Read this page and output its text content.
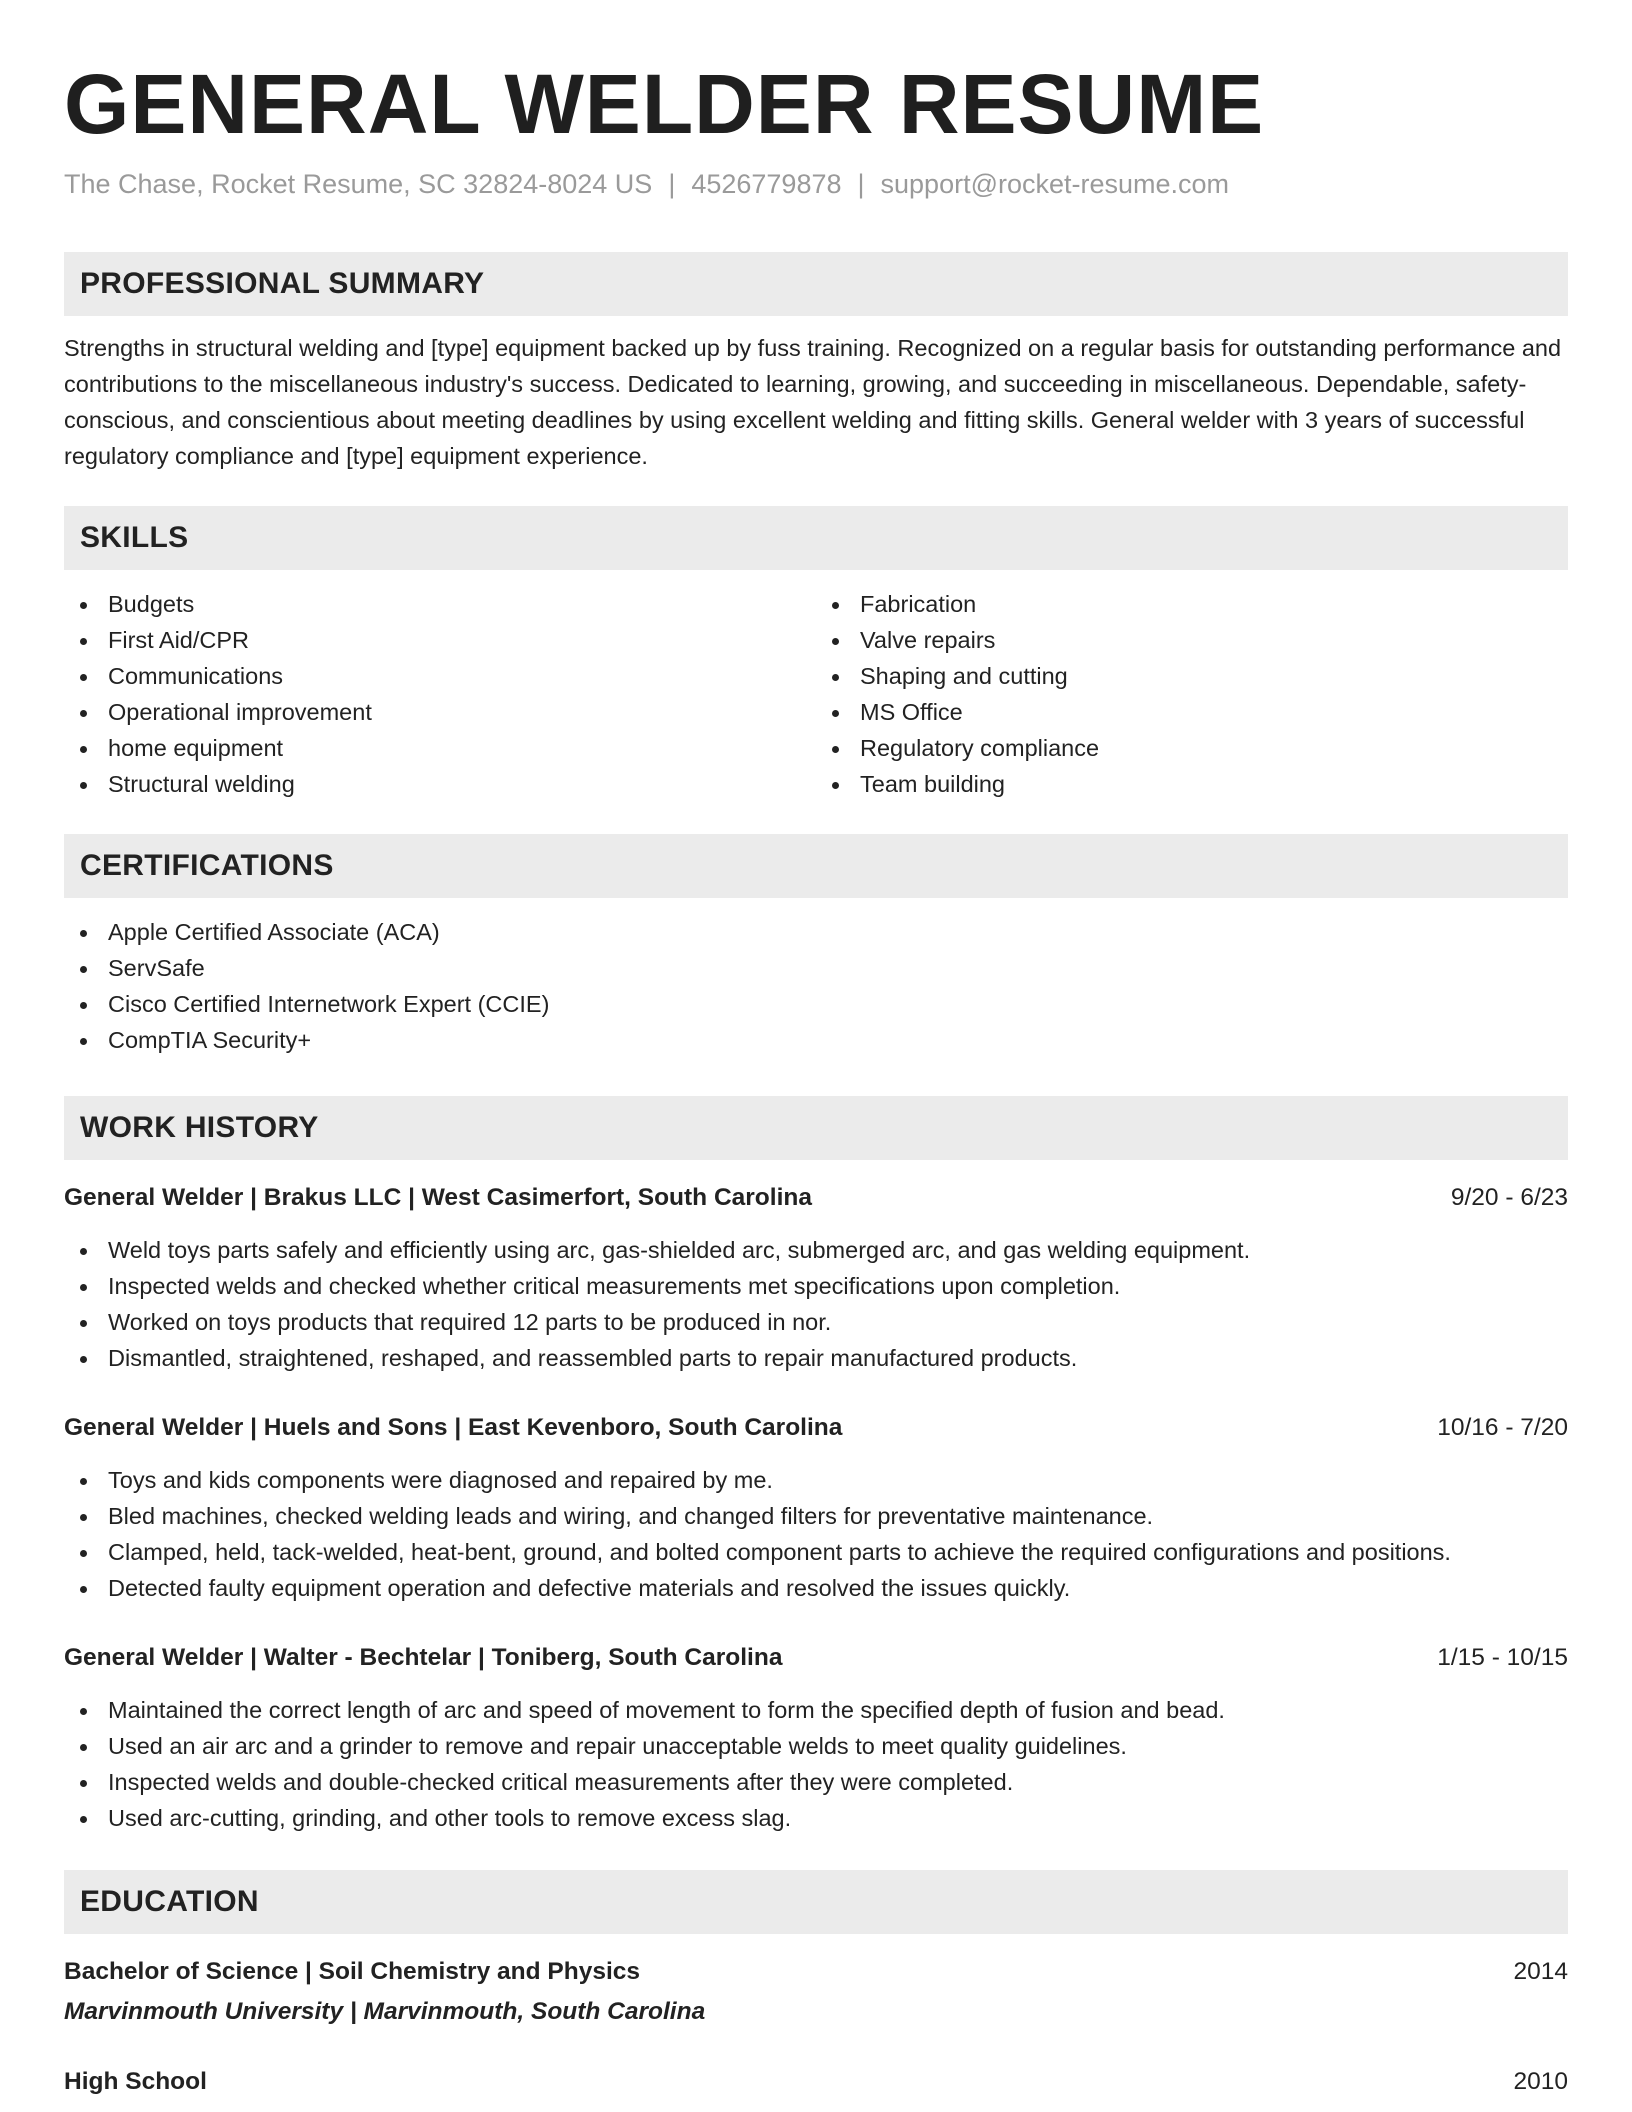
GENERAL WELDER RESUME
The Chase, Rocket Resume, SC 32824-8024 US | 4526779878 | support@rocket-resume.com
PROFESSIONAL SUMMARY

Strengths in structural welding and [type] equipment backed up by fuss training. Recognized on a regular basis for outstanding performance and contributions to the miscellaneous industry's success. Dedicated to learning, growing, and succeeding in miscellaneous. Dependable, safety-conscious, and conscientious about meeting deadlines by using excellent welding and fitting skills. General welder with 3 years of successful regulatory compliance and [type] equipment experience.

SKILLS
Budgets
First Aid/CPR
Communications
Operational improvement
home equipment
Structural welding
Fabrication
Valve repairs
Shaping and cutting
MS Office
Regulatory compliance
Team building
CERTIFICATIONS
Apple Certified Associate (ACA)
ServSafe
Cisco Certified Internetwork Expert (CCIE)
CompTIA Security+
WORK HISTORY
General Welder | Brakus LLC | West Casimerfort, South Carolina	9/20 - 6/23
Weld toys parts safely and efficiently using arc, gas-shielded arc, submerged arc, and gas welding equipment.
Inspected welds and checked whether critical measurements met specifications upon completion.
Worked on toys products that required 12 parts to be produced in nor.
Dismantled, straightened, reshaped, and reassembled parts to repair manufactured products.
General Welder | Huels and Sons | East Kevenboro, South Carolina	10/16 - 7/20
Toys and kids components were diagnosed and repaired by me.
Bled machines, checked welding leads and wiring, and changed filters for preventative maintenance.
Clamped, held, tack-welded, heat-bent, ground, and bolted component parts to achieve the required configurations and positions.
Detected faulty equipment operation and defective materials and resolved the issues quickly.
General Welder | Walter - Bechtelar | Toniberg, South Carolina	1/15 - 10/15
Maintained the correct length of arc and speed of movement to form the specified depth of fusion and bead.
Used an air arc and a grinder to remove and repair unacceptable welds to meet quality guidelines.
Inspected welds and double-checked critical measurements after they were completed.
Used arc-cutting, grinding, and other tools to remove excess slag.
EDUCATION
Bachelor of Science | Soil Chemistry and Physics	2014
Marvinmouth University | Marvinmouth, South Carolina
High School	2010
